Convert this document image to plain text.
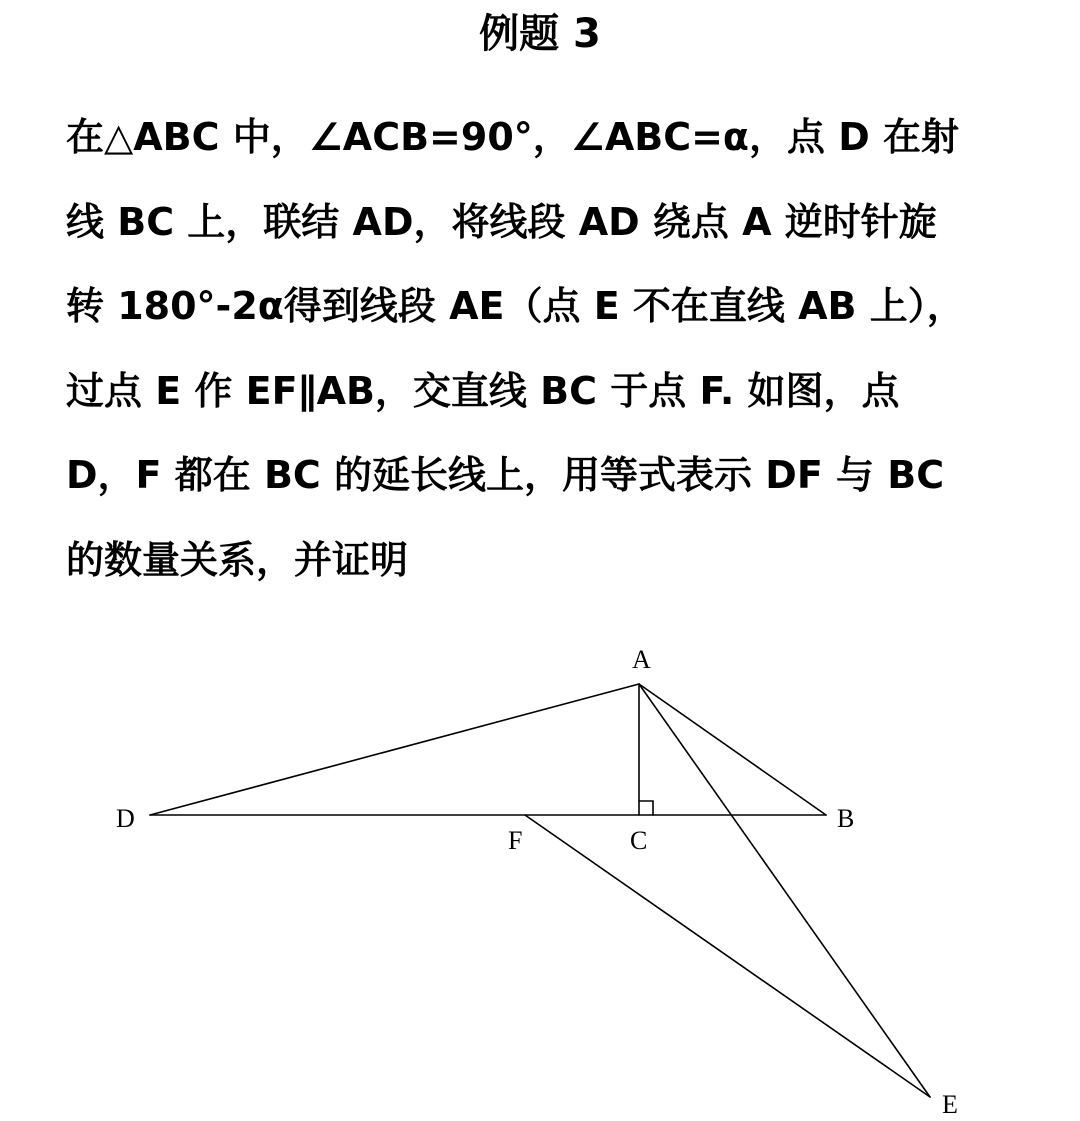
例题 3
在△ABC 中，∠ACB=90°，∠ABC=α，点 D 在射
线 BC 上，联结 AD，将线段 AD 绕点 A 逆时针旋
转 180°-2α得到线段 AE（点 E 不在直线 AB 上），
过点 E 作 EF∥AB，交直线 BC 于点 F. 如图，点
D，F 都在 BC 的延长线上，用等式表示 DF 与 BC
的数量关系，并证明
A
D	B
F	C
E
